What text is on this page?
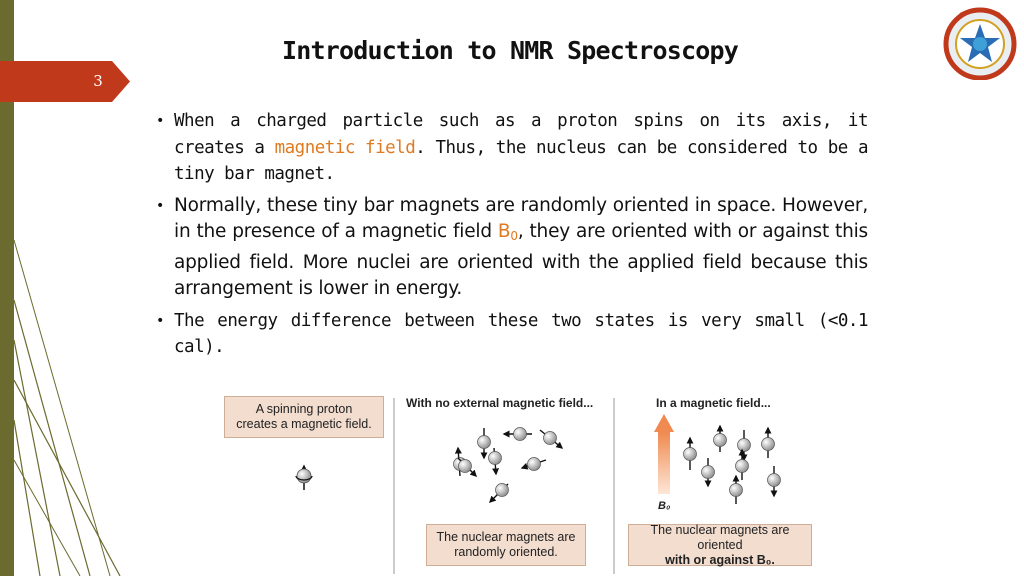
3
Introduction to NMR Spectroscopy
• When a charged particle such as a proton spins on its axis, it creates a magnetic field. Thus, the nucleus can be considered to be a tiny bar magnet.
• Normally, these tiny bar magnets are randomly oriented in space. However, in the presence of a magnetic field $B_0$, they are oriented with or against this applied field. More nuclei are oriented with the applied field because this arrangement is lower in energy.
• The energy difference between these two states is very small (<0.1 cal).
A spinning proton
creates a magnetic field.
With no external magnetic field...
The nuclear magnets are
randomly oriented.
In a magnetic field...
B₀
The nuclear magnets are
oriented
with or against B₀.
